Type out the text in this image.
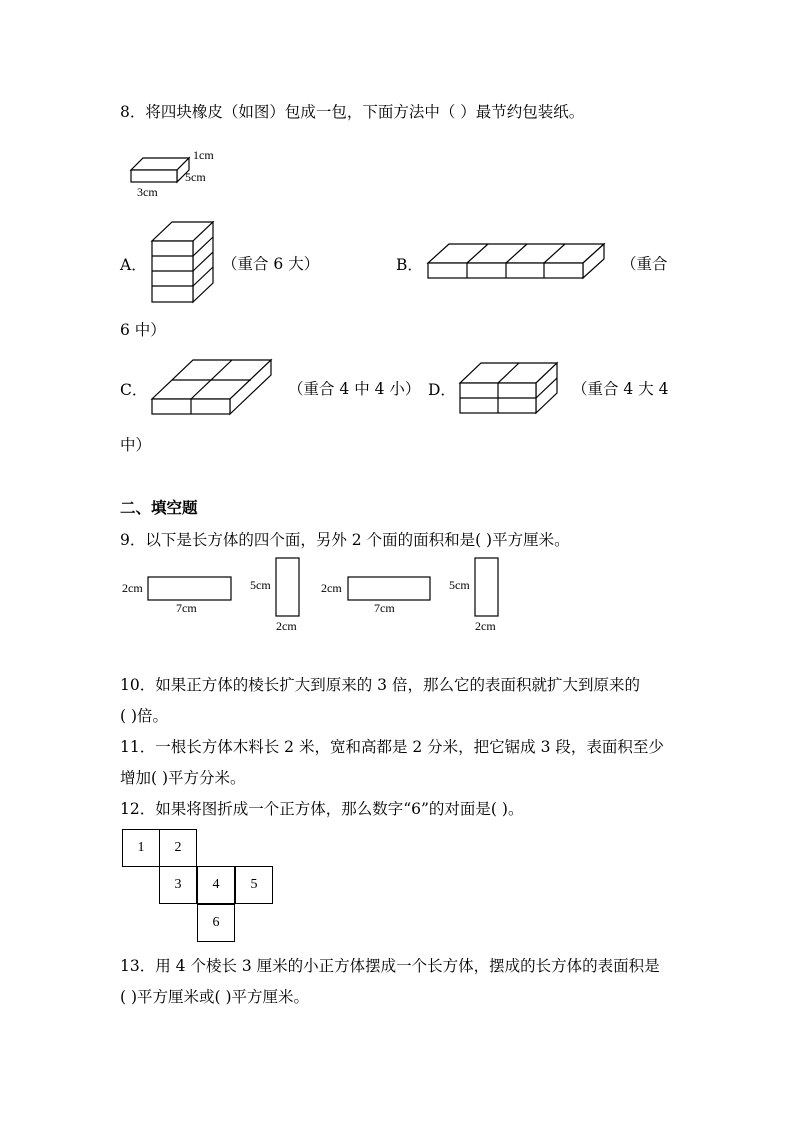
8．将四块橡皮（如图）包成一包，下面方法中（ ）最节约包装纸。
1cm
5cm
3cm
A．	（重合 6 大）	B．	（重合
6 中）
C．	（重合 4 中 4 小） D．	（重合 4 大 4
中）
二、填空题
9．以下是长方体的四个面，另外 2 个面的面积和是( )平方厘米。
2cm
7cm
5cm
2cm
2cm
7cm
5cm
2cm
10．如果正方体的棱长扩大到原来的 3 倍，那么它的表面积就扩大到原来的
( )倍。
11．一根长方体木料长 2 米，宽和高都是 2 分米，把它锯成 3 段，表面积至少
增加( )平方分米。
12．如果将图折成一个正方体，那么数字“6”的对面是( )。
1	2
3	4	5
6
13．用 4 个棱长 3 厘米的小正方体摆成一个长方体，摆成的长方体的表面积是
( )平方厘米或( )平方厘米。
